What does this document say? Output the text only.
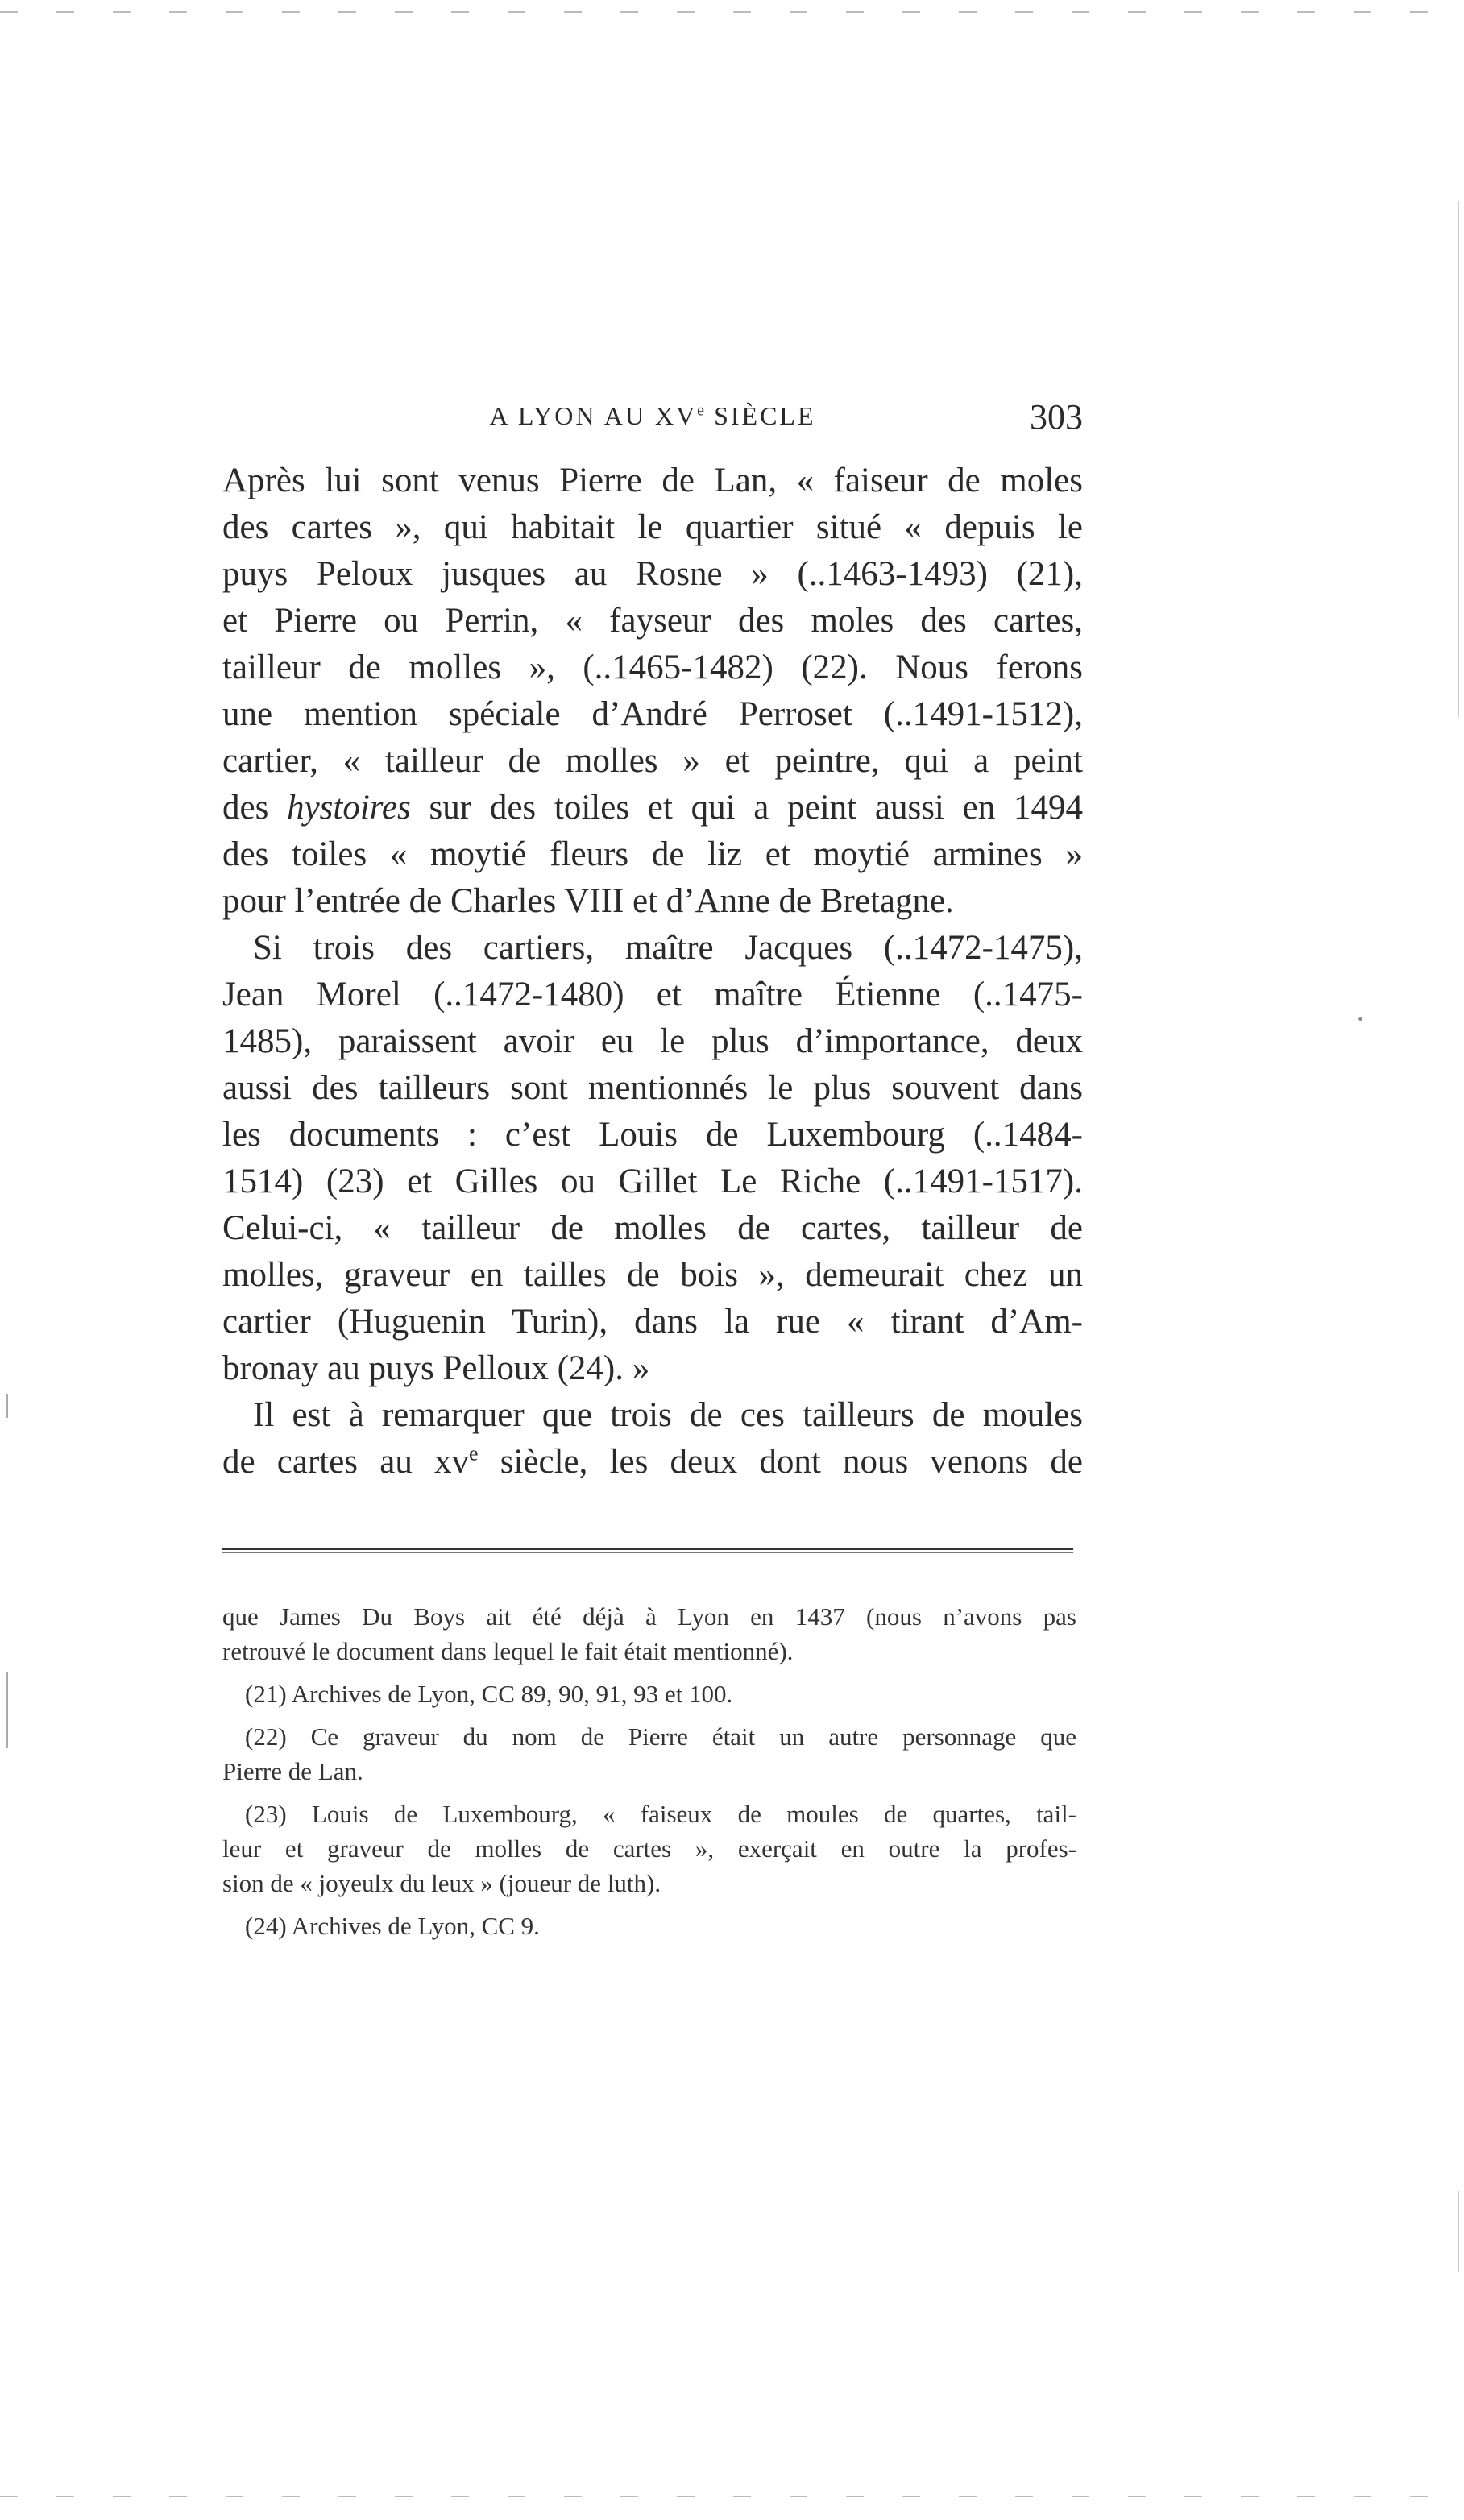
A LYON AU XVe SIÈCLE	303
Après lui sont venus Pierre de Lan, « faiseur de moles
des cartes », qui habitait le quartier situé « depuis le
puys Peloux jusques au Rosne » (..1463-1493) (21),
et Pierre ou Perrin, « fayseur des moles des cartes,
tailleur de molles », (..1465-1482) (22). Nous ferons
une mention spéciale d’André Perroset (..1491-1512),
cartier, « tailleur de molles » et peintre, qui a peint
des hystoires sur des toiles et qui a peint aussi en 1494
des toiles « moytié fleurs de liz et moytié armines »
pour l’entrée de Charles VIII et d’Anne de Bretagne.
Si trois des cartiers, maître Jacques (..1472-1475),
Jean Morel (..1472-1480) et maître Étienne (..1475-
1485), paraissent avoir eu le plus d’importance, deux
aussi des tailleurs sont mentionnés le plus souvent dans
les documents : c’est Louis de Luxembourg (..1484-
1514) (23) et Gilles ou Gillet Le Riche (..1491-1517).
Celui-ci, « tailleur de molles de cartes, tailleur de
molles, graveur en tailles de bois », demeurait chez un
cartier (Huguenin Turin), dans la rue « tirant d’Am-
bronay au puys Pelloux (24). »
Il est à remarquer que trois de ces tailleurs de moules
de cartes au $xv^e$ siècle, les deux dont nous venons de
que James Du Boys ait été déjà à Lyon en 1437 (nous n’avons pas
retrouvé le document dans lequel le fait était mentionné).
(21) Archives de Lyon, CC 89, 90, 91, 93 et 100.
(22) Ce graveur du nom de Pierre était un autre personnage que
Pierre de Lan.
(23) Louis de Luxembourg, « faiseux de moules de quartes, tail-
leur et graveur de molles de cartes », exerçait en outre la profes-
sion de « joyeulx du leux » (joueur de luth).
(24) Archives de Lyon, CC 9.
